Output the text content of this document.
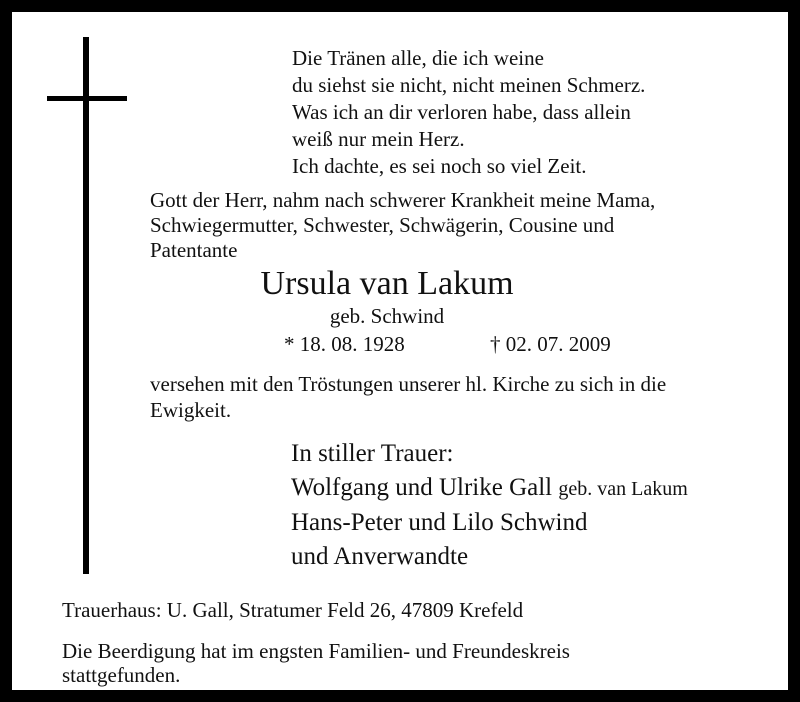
Die Tränen alle, die ich weine
du siehst sie nicht, nicht meinen Schmerz.
Was ich an dir verloren habe, dass allein
weiß nur mein Herz.
Ich dachte, es sei noch so viel Zeit.
Gott der Herr, nahm nach schwerer Krankheit meine Mama,
Schwiegermutter, Schwester, Schwägerin, Cousine und
Patentante
Ursula van Lakum
geb. Schwind
* 18. 08. 1928	† 02. 07. 2009
versehen mit den Tröstungen unserer hl. Kirche zu sich in die
Ewigkeit.
In stiller Trauer:
Wolfgang und Ulrike Gall geb. van Lakum
Hans-Peter und Lilo Schwind
und Anverwandte
Trauerhaus: U. Gall, Stratumer Feld 26, 47809 Krefeld
Die Beerdigung hat im engsten Familien- und Freundeskreis
stattgefunden.
